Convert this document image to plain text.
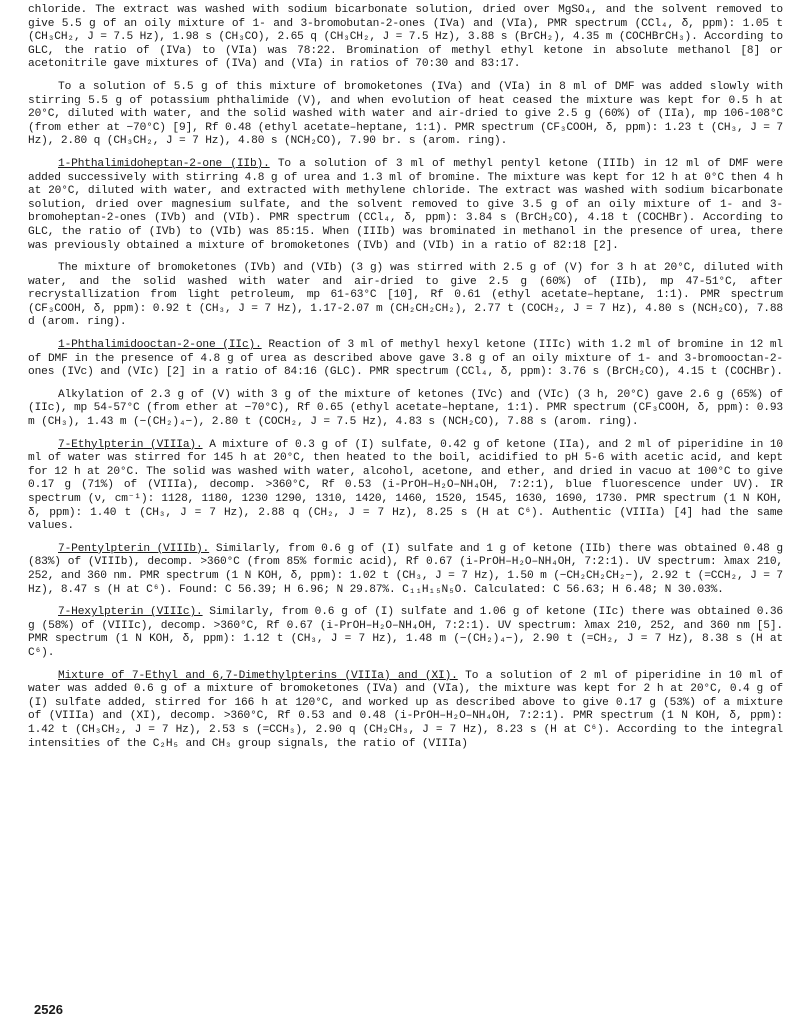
chloride. The extract was washed with sodium bicarbonate solution, dried over MgSO₄, and the solvent removed to give 5.5 g of an oily mixture of 1- and 3-bromobutan-2-ones (IVa) and (VIa), PMR spectrum (CCl₄, δ, ppm): 1.05 t (CH₃CH₂, J = 7.5 Hz), 1.98 s (CH₃CO), 2.65 q (CH₃CH₂, J = 7.5 Hz), 3.88 s (BrCH₂), 4.35 m (COCHBrCH₃). According to GLC, the ratio of (IVa) to (VIa) was 78:22. Bromination of methyl ethyl ketone in absolute methanol [8] or acetonitrile gave mixtures of (IVa) and (VIa) in ratios of 70:30 and 83:17.

To a solution of 5.5 g of this mixture of bromoketones (IVa) and (VIa) in 8 ml of DMF was added slowly with stirring 5.5 g of potassium phthalimide (V), and when evolution of heat ceased the mixture was kept for 0.5 h at 20°C, diluted with water, and the solid washed with water and air-dried to give 2.5 g (60%) of (IIa), mp 106-108°C (from ether at −70°C) [9], Rf 0.48 (ethyl acetate–heptane, 1:1). PMR spectrum (CF₃COOH, δ, ppm): 1.23 t (CH₃, J = 7 Hz), 2.80 q (CH₃CH₂, J = 7 Hz), 4.80 s (NCH₂CO), 7.90 br. s (arom. ring).

1-Phthalimidoheptan-2-one (IIb). To a solution of 3 ml of methyl pentyl ketone (IIIb) in 12 ml of DMF were added successively with stirring 4.8 g of urea and 1.3 ml of bromine. The mixture was kept for 12 h at 0°C then 4 h at 20°C, diluted with water, and extracted with methylene chloride. The extract was washed with sodium bicarbonate solution, dried over magnesium sulfate, and the solvent removed to give 3.5 g of an oily mixture of 1- and 3-bromoheptan-2-ones (IVb) and (VIb). PMR spectrum (CCl₄, δ, ppm): 3.84 s (BrCH₂CO), 4.18 t (COCHBr). According to GLC, the ratio of (IVb) to (VIb) was 85:15. When (IIIb) was brominated in methanol in the presence of urea, there was previously obtained a mixture of bromoketones (IVb) and (VIb) in a ratio of 82:18 [2].

The mixture of bromoketones (IVb) and (VIb) (3 g) was stirred with 2.5 g of (V) for 3 h at 20°C, diluted with water, and the solid washed with water and air-dried to give 2.5 g (60%) of (IIb), mp 47-51°C, after recrystallization from light petroleum, mp 61-63°C [10], Rf 0.61 (ethyl acetate–heptane, 1:1). PMR spectrum (CF₃COOH, δ, ppm): 0.92 t (CH₃, J = 7 Hz), 1.17-2.07 m (CH₂CH₂CH₂), 2.77 t (COCH₂, J = 7 Hz), 4.80 s (NCH₂CO), 7.88 d (arom. ring).

1-Phthalimidooctan-2-one (IIc). Reaction of 3 ml of methyl hexyl ketone (IIIc) with 1.2 ml of bromine in 12 ml of DMF in the presence of 4.8 g of urea as described above gave 3.8 g of an oily mixture of 1- and 3-bromooctan-2-ones (IVc) and (VIc) [2] in a ratio of 84:16 (GLC). PMR spectrum (CCl₄, δ, ppm): 3.76 s (BrCH₂CO), 4.15 t (COCHBr).

Alkylation of 2.3 g of (V) with 3 g of the mixture of ketones (IVc) and (VIc) (3 h, 20°C) gave 2.6 g (65%) of (IIc), mp 54-57°C (from ether at −70°C), Rf 0.65 (ethyl acetate–heptane, 1:1). PMR spectrum (CF₃COOH, δ, ppm): 0.93 m (CH₃), 1.43 m (−(CH₂)₄−), 2.80 t (COCH₂, J = 7.5 Hz), 4.83 s (NCH₂CO), 7.88 s (arom. ring).

7-Ethylpterin (VIIIa). A mixture of 0.3 g of (I) sulfate, 0.42 g of ketone (IIa), and 2 ml of piperidine in 10 ml of water was stirred for 145 h at 20°C, then heated to the boil, acidified to pH 5-6 with acetic acid, and kept for 12 h at 20°C. The solid was washed with water, alcohol, acetone, and ether, and dried in vacuo at 100°C to give 0.17 g (71%) of (VIIIa), decomp. >360°C, Rf 0.53 (i-PrOH–H₂O–NH₄OH, 7:2:1), blue fluorescence under UV). IR spectrum (ν, cm⁻¹): 1128, 1180, 1230 1290, 1310, 1420, 1460, 1520, 1545, 1630, 1690, 1730. PMR spectrum (1 N KOH, δ, ppm): 1.40 t (CH₃, J = 7 Hz), 2.88 q (CH₂, J = 7 Hz), 8.25 s (H at C⁶). Authentic (VIIIa) [4] had the same values.

7-Pentylpterin (VIIIb). Similarly, from 0.6 g of (I) sulfate and 1 g of ketone (IIb) there was obtained 0.48 g (83%) of (VIIIb), decomp. >360°C (from 85% formic acid), Rf 0.67 (i-PrOH–H₂O–NH₄OH, 7:2:1). UV spectrum: λmax 210, 252, and 360 nm. PMR spectrum (1 N KOH, δ, ppm): 1.02 t (CH₃, J = 7 Hz), 1.50 m (−CH₂CH₂CH₂−), 2.92 t (=CCH₂, J = 7 Hz), 8.47 s (H at C⁶). Found: C 56.39; H 6.96; N 29.87%. C₁₁H₁₅N₅O. Calculated: C 56.63; H 6.48; N 30.03%.

7-Hexylpterin (VIIIc). Similarly, from 0.6 g of (I) sulfate and 1.06 g of ketone (IIc) there was obtained 0.36 g (58%) of (VIIIc), decomp. >360°C, Rf 0.67 (i-PrOH–H₂O–NH₄OH, 7:2:1). UV spectrum: λmax 210, 252, and 360 nm [5]. PMR spectrum (1 N KOH, δ, ppm): 1.12 t (CH₃, J = 7 Hz), 1.48 m (−(CH₂)₄−), 2.90 t (=CH₂, J = 7 Hz), 8.38 s (H at C⁶).

Mixture of 7-Ethyl and 6,7-Dimethylpterins (VIIIa) and (XI). To a solution of 2 ml of piperidine in 10 ml of water was added 0.6 g of a mixture of bromoketones (IVa) and (VIa), the mixture was kept for 2 h at 20°C, 0.4 g of (I) sulfate added, stirred for 166 h at 120°C, and worked up as described above to give 0.17 g (53%) of a mixture of (VIIIa) and (XI), decomp. >360°C, Rf 0.53 and 0.48 (i-PrOH–H₂O–NH₄OH, 7:2:1). PMR spectrum (1 N KOH, δ, ppm): 1.42 t (CH₃CH₂, J = 7 Hz), 2.53 s (=CCH₃), 2.90 q (CH₂CH₃, J = 7 Hz), 8.23 s (H at C⁶). According to the integral intensities of the C₂H₅ and CH₃ group signals, the ratio of (VIIIa)

2526
